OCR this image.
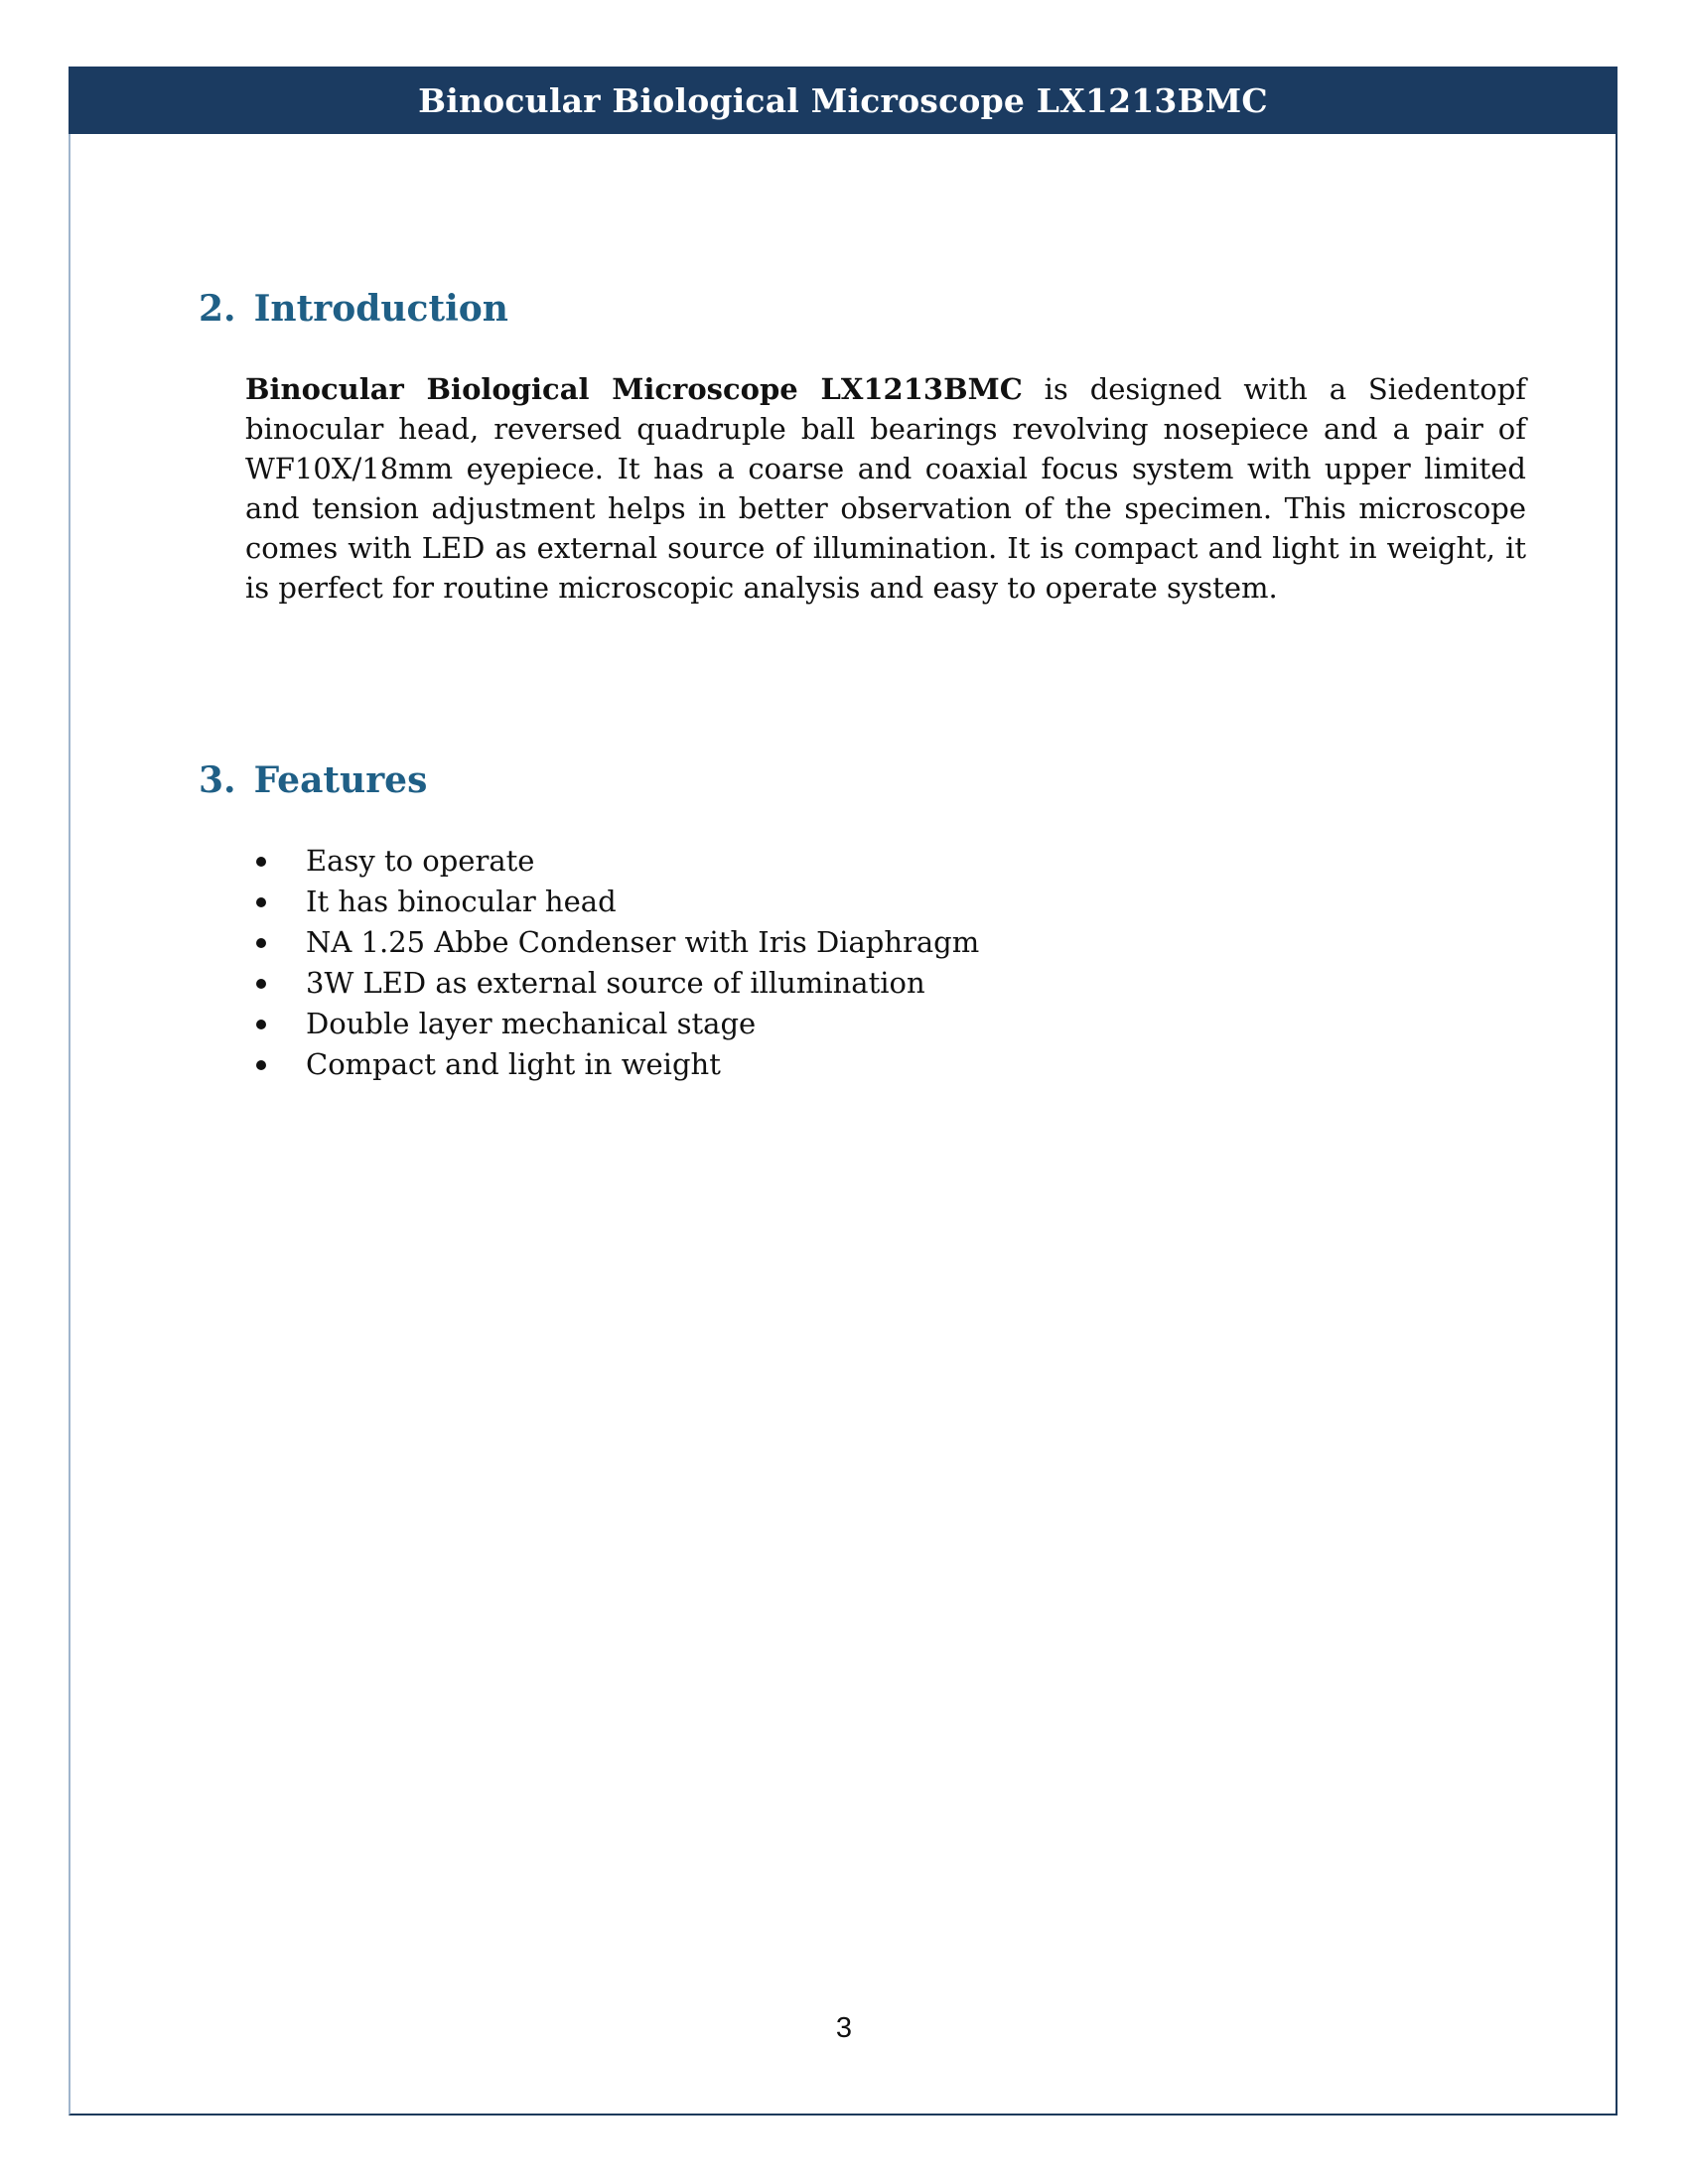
Binocular Biological Microscope LX1213BMC
2. Introduction

Binocular Biological Microscope LX1213BMC is designed with a Siedentopf binocular head, reversed quadruple ball bearings revolving nosepiece and a pair of WF10X/18mm eyepiece. It has a coarse and coaxial focus system with upper limited and tension adjustment helps in better observation of the specimen. This microscope comes with LED as external source of illumination. It is compact and light in weight, it is perfect for routine microscopic analysis and easy to operate system.

3. Features
Easy to operate
It has binocular head
NA 1.25 Abbe Condenser with Iris Diaphragm
3W LED as external source of illumination
Double layer mechanical stage
Compact and light in weight
3
